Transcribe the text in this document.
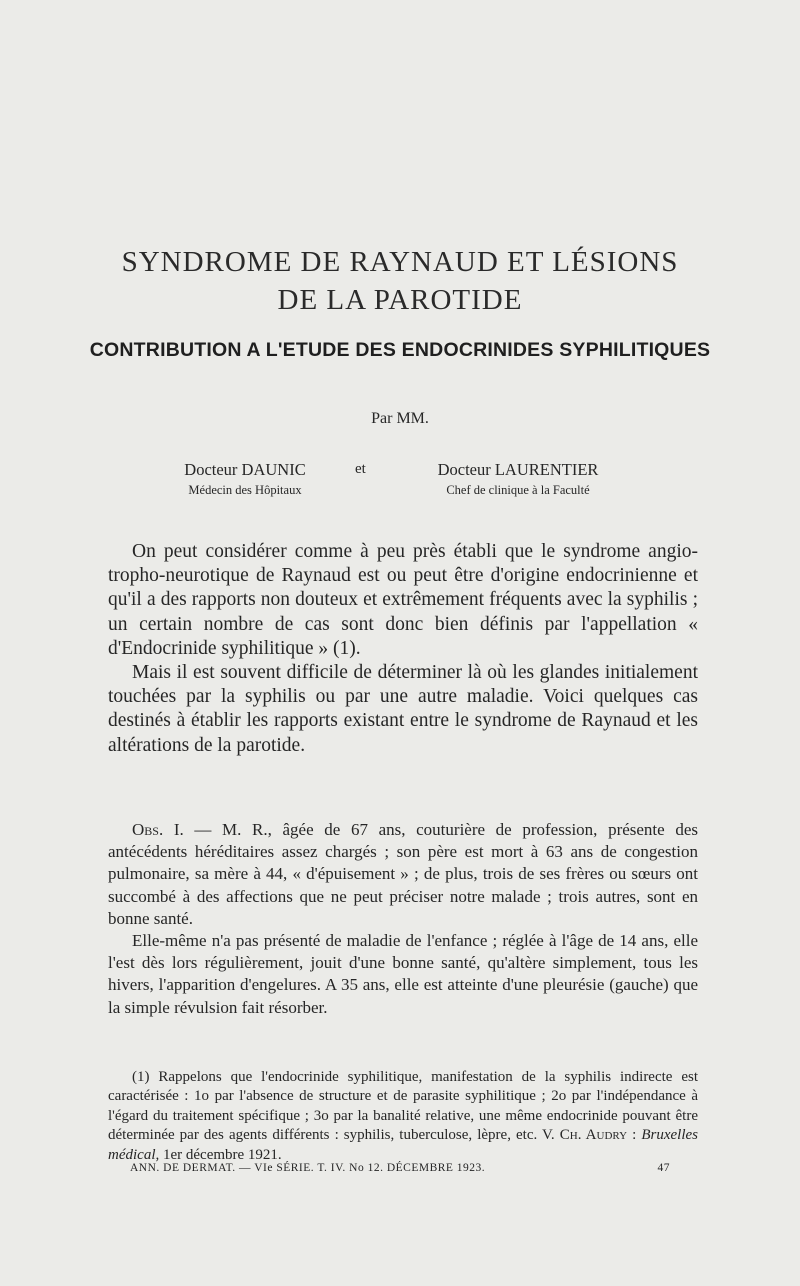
SYNDROME DE RAYNAUD ET LÉSIONS
DE LA PAROTIDE
CONTRIBUTION A L'ETUDE DES ENDOCRINIDES SYPHILITIQUES
Par MM.
Docteur DAUNIC
Médecin des Hôpitaux
et	Docteur LAURENTIER
Chef de clinique à la Faculté

On peut considérer comme à peu près établi que le syndrome angio-tropho-neurotique de Raynaud est ou peut être d'origine endocrinienne et qu'il a des rapports non douteux et extrêmement fréquents avec la syphilis ; un certain nombre de cas sont donc bien définis par l'appellation « d'Endocrinide syphilitique » (1).

Mais il est souvent difficile de déterminer là où les glandes initialement touchées par la syphilis ou par une autre maladie. Voici quelques cas destinés à établir les rapports existant entre le syndrome de Raynaud et les altérations de la parotide.

Obs. I. — M. R., âgée de 67 ans, couturière de profession, présente des antécédents héréditaires assez chargés ; son père est mort à 63 ans de congestion pulmonaire, sa mère à 44, « d'épuisement » ; de plus, trois de ses frères ou sœurs ont succombé à des affections que ne peut préciser notre malade ; trois autres, sont en bonne santé.

Elle-même n'a pas présenté de maladie de l'enfance ; réglée à l'âge de 14 ans, elle l'est dès lors régulièrement, jouit d'une bonne santé, qu'altère simplement, tous les hivers, l'apparition d'engelures. A 35 ans, elle est atteinte d'une pleurésie (gauche) que la simple révulsion fait résorber.

(1) Rappelons que l'endocrinide syphilitique, manifestation de la syphilis indirecte est caractérisée : 1o par l'absence de structure et de parasite syphilitique ; 2o par l'indépendance à l'égard du traitement spécifique ; 3o par la banalité relative, une même endocrinide pouvant être déterminée par des agents différents : syphilis, tuberculose, lèpre, etc. V. Ch. Audry : Bruxelles médical, 1er décembre 1921.

ANN. DE DERMAT. — VIe SÉRIE. T. IV. No 12. DÉCEMBRE 1923.	47
